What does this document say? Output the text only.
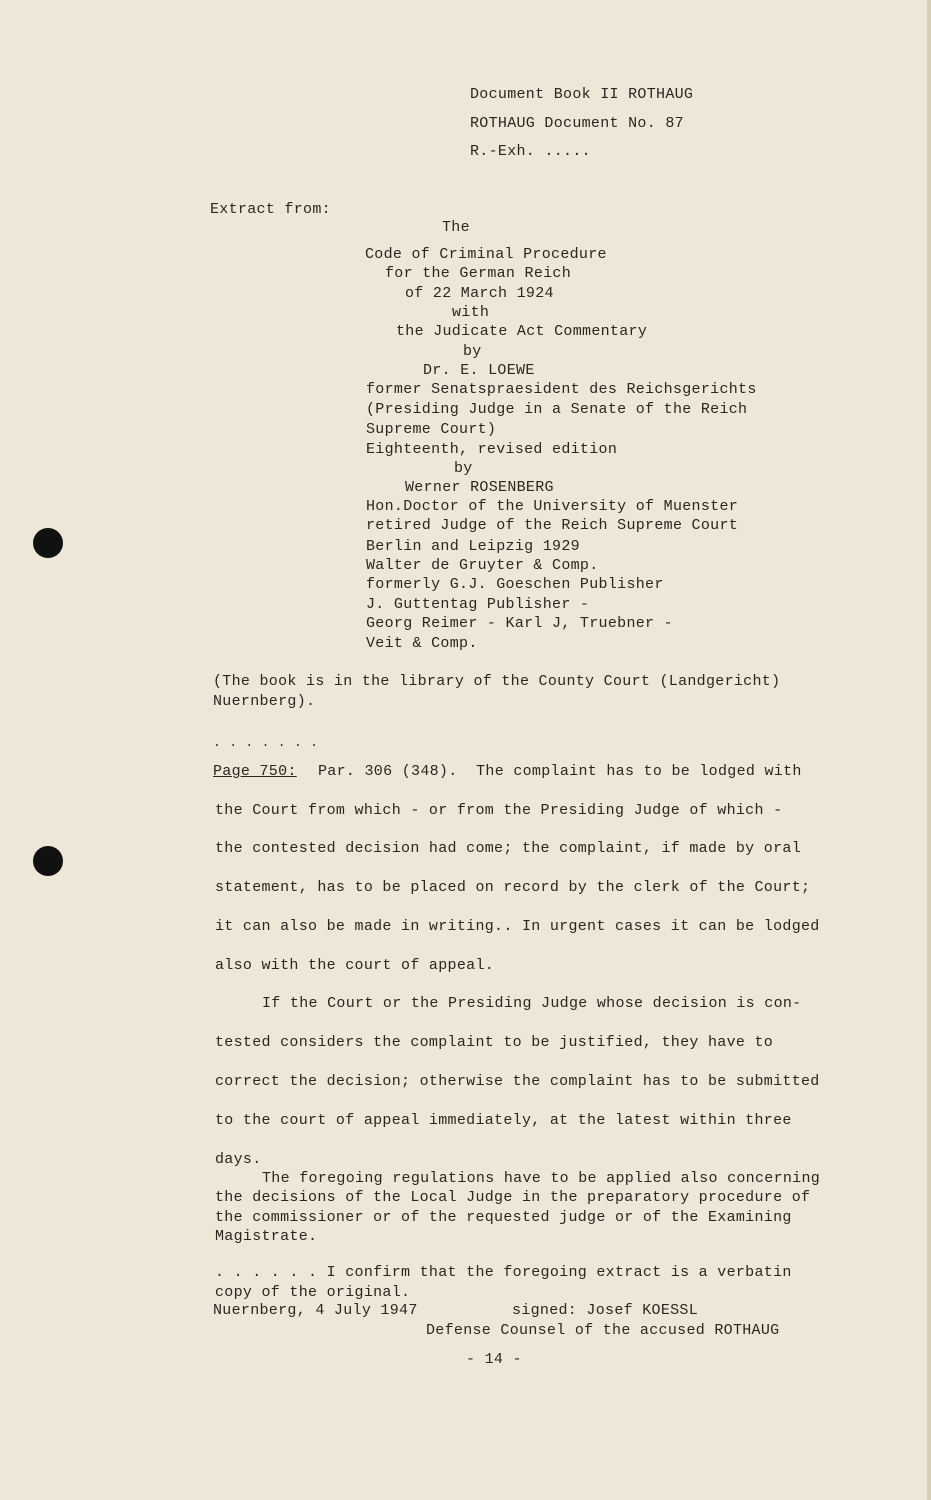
Document Book II ROTHAUG
ROTHAUG Document No. 87
R.-Exh. .....
Extract from:
The
Code of Criminal Procedure
for the German Reich
of 22 March 1924
with
the Judicate Act Commentary
by
Dr. E. LOEWE
former Senatspraesident des Reichsgerichts
(Presiding Judge in a Senate of the Reich
Supreme Court)
Eighteenth, revised edition
by
Werner ROSENBERG
Hon.Doctor of the University of Muenster
retired Judge of the Reich Supreme Court
Berlin and Leipzig 1929
Walter de Gruyter & Comp.
formerly G.J. Goeschen Publisher
J. Guttentag Publisher -
Georg Reimer - Karl J, Truebner -
Veit & Comp.
(The book is in the library of the County Court (Landgericht)
Nuernberg).
. . . . . . .
Page 750: Par. 306 (348).  The complaint has to be lodged with
the Court from which - or from the Presiding Judge of which -
the contested decision had come; the complaint, if made by oral
statement, has to be placed on record by the clerk of the Court;
it can also be made in writing.. In urgent cases it can be lodged
also with the court of appeal.
If the Court or the Presiding Judge whose decision is con-
tested considers the complaint to be justified, they have to
correct the decision; otherwise the complaint has to be submitted
to the court of appeal immediately, at the latest within three
days.
The foregoing regulations have to be applied also concerning
the decisions of the Local Judge in the preparatory procedure of
the commissioner or of the requested judge or of the Examining
Magistrate.
. . . . . . I confirm that the foregoing extract is a verbatin
copy of the original.
Nuernberg, 4 July 1947	signed: Josef KOESSL
Defense Counsel of the accused ROTHAUG
- 14 -
